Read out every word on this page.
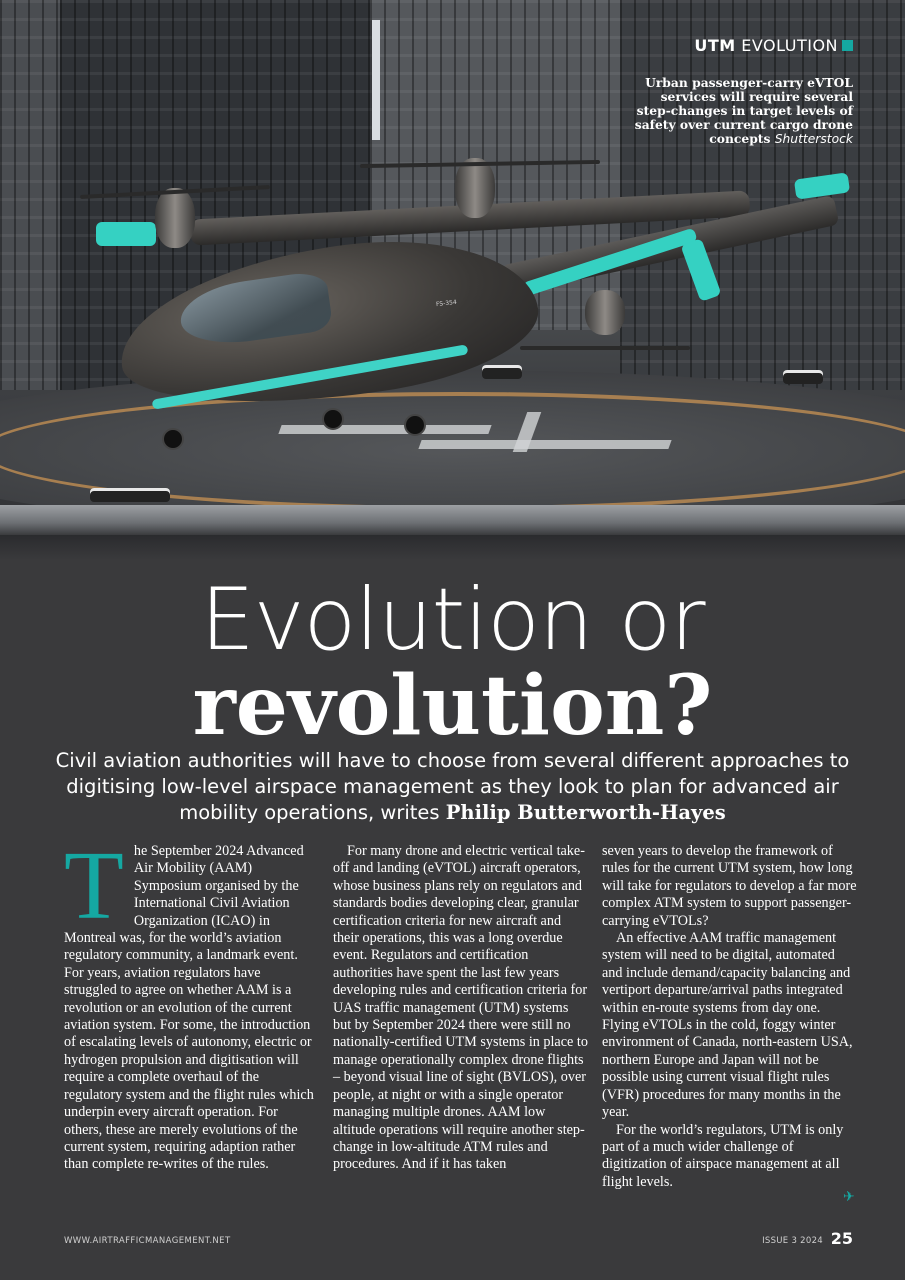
FS-354
UTM EVOLUTION
Urban passenger-carry eVTOL services will require several step-changes in target levels of safety over current cargo drone concepts Shutterstock
Evolution or
revolution?

Civil aviation authorities will have to choose from several different approaches to digitising low-level airspace management as they look to plan for advanced air mobility operations, writes Philip Butterworth-Hayes

T he September 2024 Advanced Air Mobility (AAM) Symposium organised by the International Civil Aviation Organization (ICAO) in Montreal was, for the world’s aviation regulatory community, a landmark event. For years, aviation regulators have struggled to agree on whether AAM is a revolution or an evolution of the current aviation system. For some, the introduction of escalating levels of autonomy, electric or hydrogen propulsion and digitisation will require a complete overhaul of the regulatory system and the flight rules which underpin every aircraft operation. For others, these are merely evolutions of the current system, requiring adaption rather than complete re-writes of the rules.

For many drone and electric vertical take-off and landing (eVTOL) aircraft operators, whose business plans rely on regulators and standards bodies developing clear, granular certification criteria for new aircraft and their operations, this was a long overdue event. Regulators and certification authorities have spent the last few years developing rules and certification criteria for UAS traffic management (UTM) systems but by September 2024 there were still no nationally-certified UTM systems in place to manage operationally complex drone flights – beyond visual line of sight (BVLOS), over people, at night or with a single operator managing multiple drones. AAM low altitude operations will require another step-change in low-altitude ATM rules and procedures. And if it has taken

seven years to develop the framework of rules for the current UTM system, how long will take for regulators to develop a far more complex ATM system to support passenger-carrying eVTOLs?

An effective AAM traffic management system will need to be digital, automated and include demand/capacity balancing and vertiport departure/arrival paths integrated within en-route systems from day one. Flying eVTOLs in the cold, foggy winter environment of Canada, north-eastern USA, northern Europe and Japan will not be possible using current visual flight rules (VFR) procedures for many months in the year.

For the world’s regulators, UTM is only part of a much wider challenge of digitization of airspace management at all flight levels.

✈
WWW.AIRTRAFFICMANAGEMENT.NET	ISSUE 3 2024 25
